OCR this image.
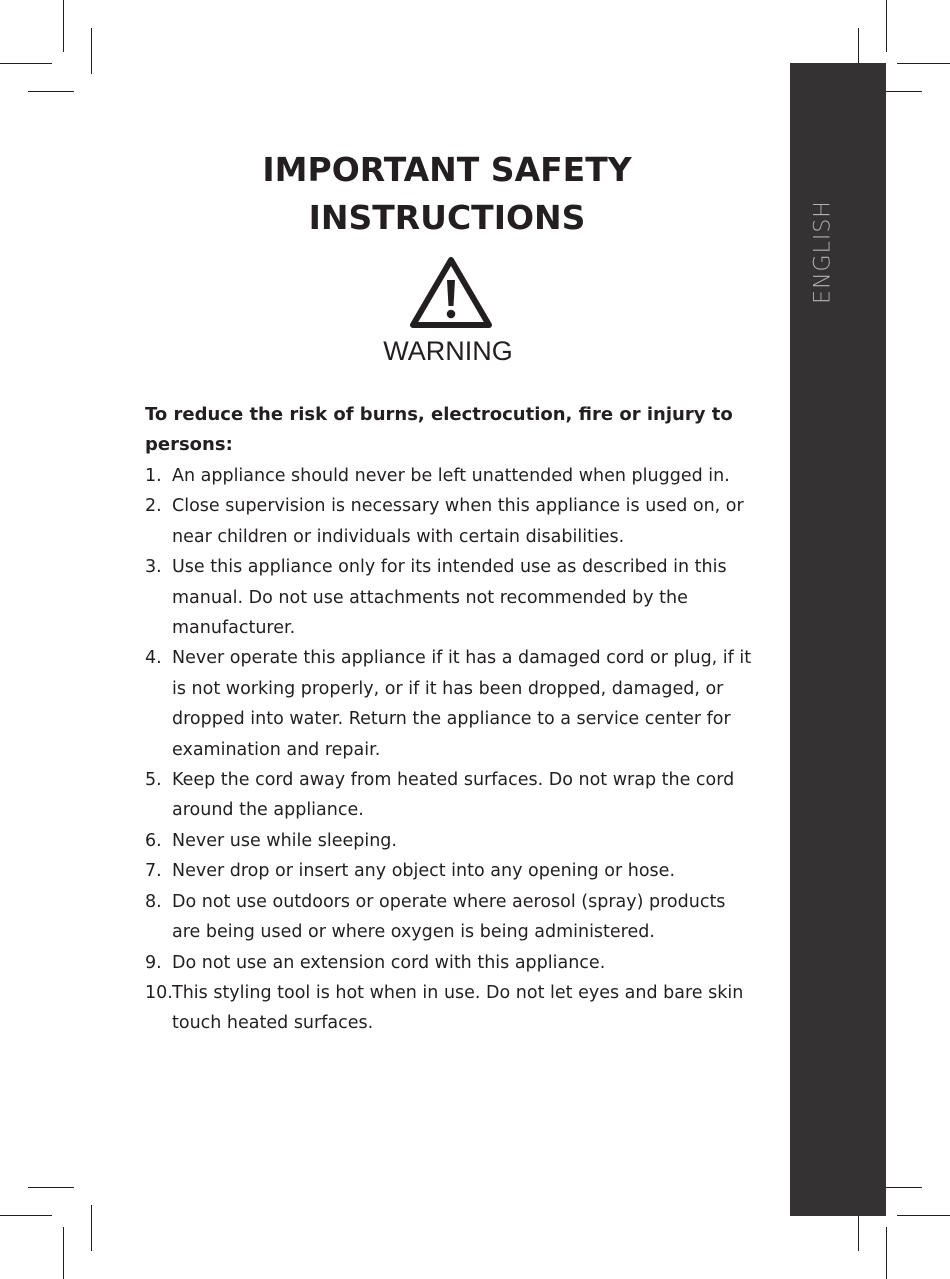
ENGLISH
IMPORTANT SAFETY
INSTRUCTIONS
WARNING

To reduce the risk of burns, electrocution, fire or injury to persons:

1. An appliance should never be left unattended when plugged in.
2. Close supervision is necessary when this appliance is used on, or near children or individuals with certain disabilities.
3. Use this appliance only for its intended use as described in this manual. Do not use attachments not recommended by the manufacturer.
4. Never operate this appliance if it has a damaged cord or plug, if it is not working properly, or if it has been dropped, damaged, or dropped into water. Return the appliance to a service center for examination and repair.
5. Keep the cord away from heated surfaces. Do not wrap the cord around the appliance.
6. Never use while sleeping.
7. Never drop or insert any object into any opening or hose.
8. Do not use outdoors or operate where aerosol (spray) products are being used or where oxygen is being administered.
9. Do not use an extension cord with this appliance.
10. This styling tool is hot when in use. Do not let eyes and bare skin touch heated surfaces.
